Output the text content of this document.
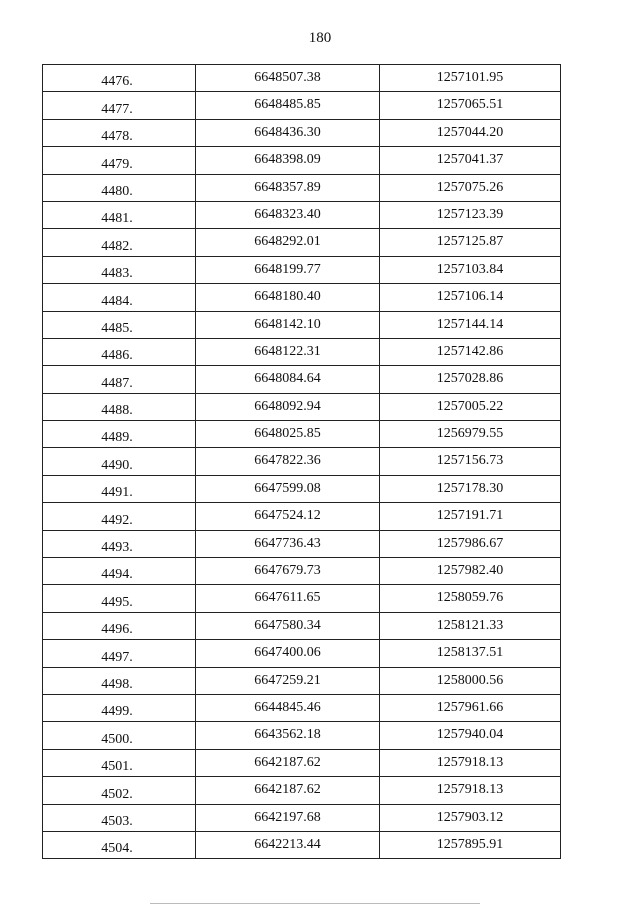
180
4476.	6648507.38	1257101.95
4477.	6648485.85	1257065.51
4478.	6648436.30	1257044.20
4479.	6648398.09	1257041.37
4480.	6648357.89	1257075.26
4481.	6648323.40	1257123.39
4482.	6648292.01	1257125.87
4483.	6648199.77	1257103.84
4484.	6648180.40	1257106.14
4485.	6648142.10	1257144.14
4486.	6648122.31	1257142.86
4487.	6648084.64	1257028.86
4488.	6648092.94	1257005.22
4489.	6648025.85	1256979.55
4490.	6647822.36	1257156.73
4491.	6647599.08	1257178.30
4492.	6647524.12	1257191.71
4493.	6647736.43	1257986.67
4494.	6647679.73	1257982.40
4495.	6647611.65	1258059.76
4496.	6647580.34	1258121.33
4497.	6647400.06	1258137.51
4498.	6647259.21	1258000.56
4499.	6644845.46	1257961.66
4500.	6643562.18	1257940.04
4501.	6642187.62	1257918.13
4502.	6642187.62	1257918.13
4503.	6642197.68	1257903.12
4504.	6642213.44	1257895.91
